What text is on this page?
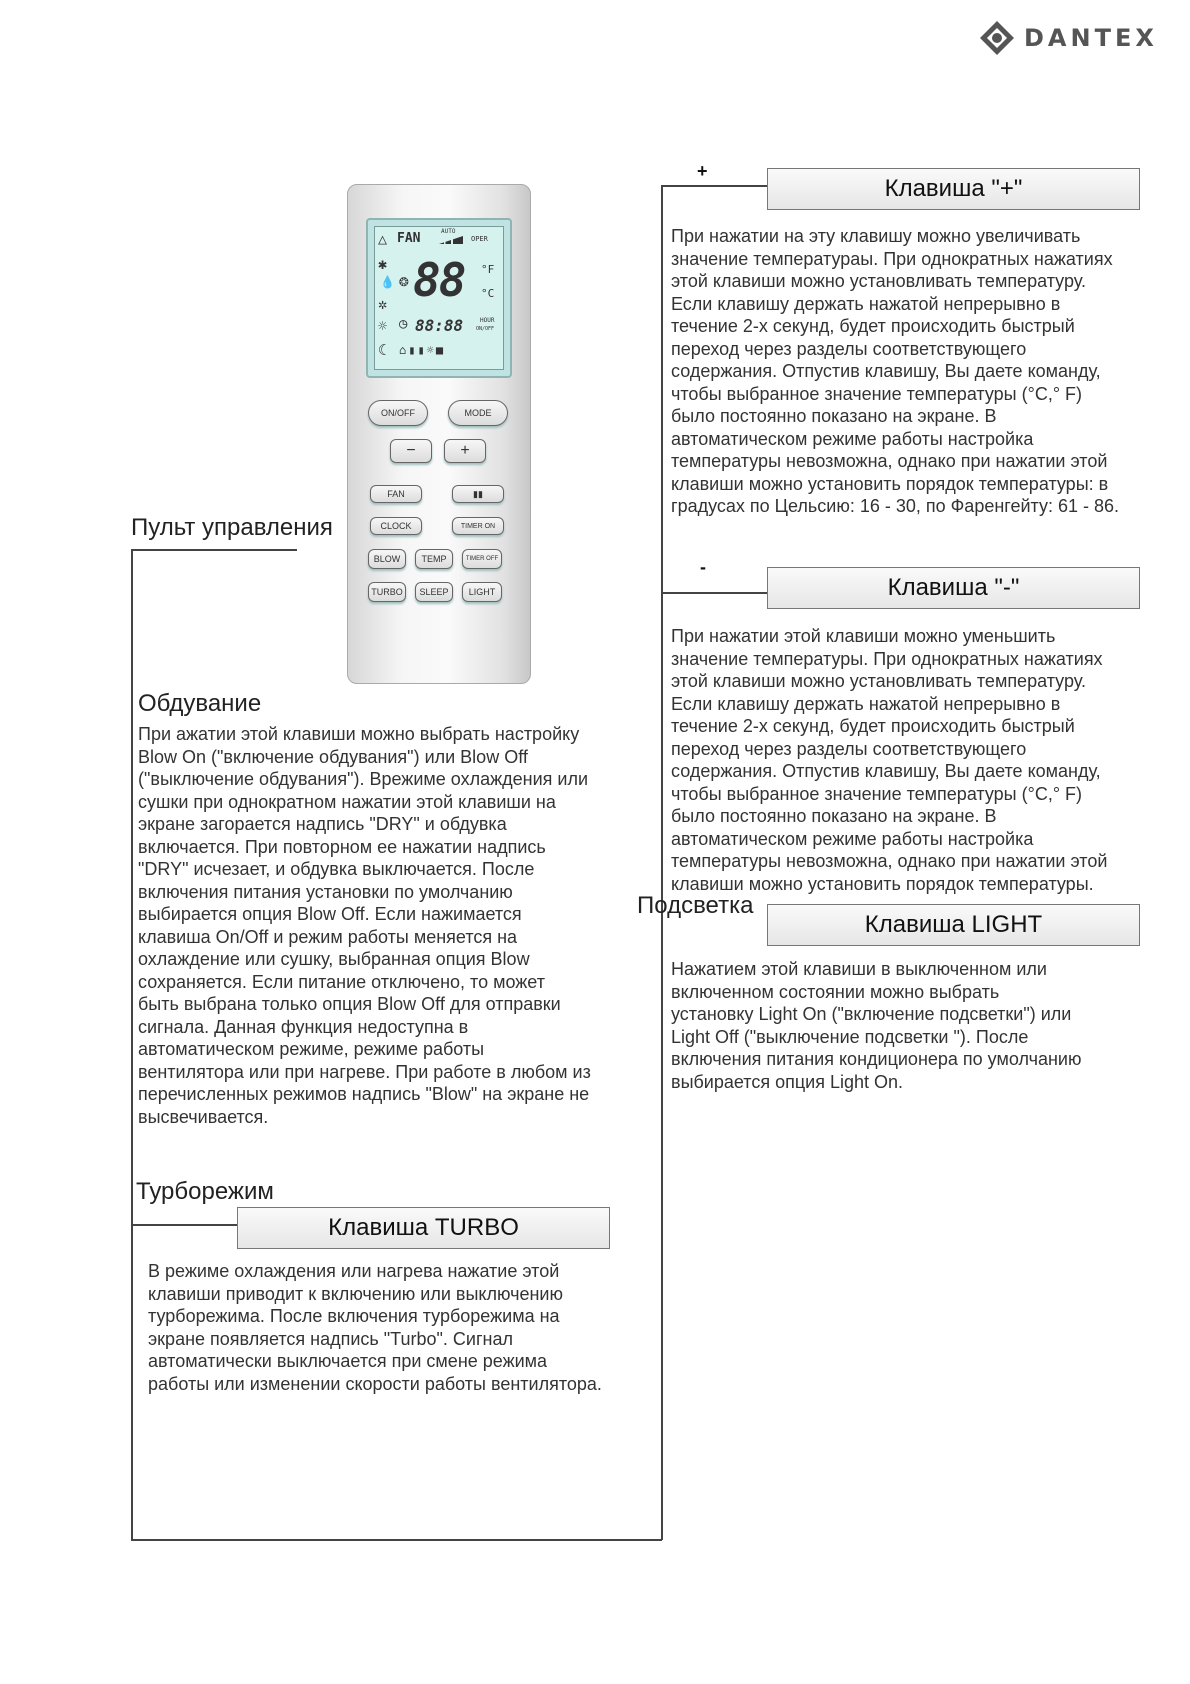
DANTEX
+
Клавиша "+"
При нажатии на эту клавишу можно увеличивать
значение температураы. При однократных нажатиях
этой клавиши можно установливать температуру.
Если клавишу держать нажатой непрерывно в
течение 2-х секунд, будет происходить быстрый
переход через разделы соответствующего
содержания. Отпустив клавишу, Вы даете команду,
чтобы выбранное значение температуры (°C,° F)
было постоянно показано на экране. В
автоматическом режиме работы настройка
температуры невозможна, однако при нажатии этой
клавиши можно установить порядок температуры: в
градусах по Цельсию: 16 - 30, по Фаренгейту: 61 - 86.
-
Клавиша "-"
При нажатии этой клавиши можно уменьшить
значение температуры. При однократных нажатиях
этой клавиши можно установливать температуру.
Если клавишу держать нажатой непрерывно в
течение 2-х секунд, будет происходить быстрый
переход через разделы соответствующего
содержания. Отпустив клавишу, Вы даете команду,
чтобы выбранное значение температуры (°C,° F)
было постоянно показано на экране. В
автоматическом режиме работы настройка
температуры невозможна, однако при нажатии этой
клавиши можно установить порядок температуры.
Подсветка
Клавиша LIGHT
Нажатием этой клавиши в выключенном или
включенном состоянии можно выбрать
установку Light On ("включение подсветки") или
Light Off ("выключение подсветки "). После
включения питания кондиционера по умолчанию
выбирается опция Light On.
Пульт управления
Обдувание
При ажатии этой клавиши можно выбрать настройку
Blow On ("включение обдувания") или Blow Off
("выключение обдувания"). Врежиме охлаждения или
сушки при однократном нажатии этой клавиши на
экране загорается надпись "DRY" и обдувка
включается. При повторном ее нажатии надпись
"DRY" исчезает, и обдувка выключается. После
включения питания установки по умолчанию
выбирается опция Blow Off. Если нажимается
клавиша On/Off и режим работы меняется на
охлаждение или сушку, выбранная опция Blow
сохраняется. Если питание отключено, то может
быть выбрана только опция Blow Off для отправки
сигнала. Данная функция недоступна в
автоматическом режиме, режиме работы
вентилятора или при нагреве. При работе в любом из
перечисленных режимов надпись "Blow" на экране не
высвечивается.
Турборежим
Клавиша TURBO
В режиме охлаждения или нагрева нажатие этой
клавиши приводит к включению или выключению
турборежима. После включения турборежима на
экране появляется надпись "Turbo". Сигнал
автоматически выключается при смене режима
работы или изменении скорости работы вентилятора.
△ FAN	AUTO
OPER
✱
💧
✲
☼
☾
❂ 88 °F
°C
◷ 88:88	HOUR
ON/OFF
⌂▮▮☼■
ON/OFF	MODE
−	+
FAN	▮▮
CLOCK	TIMER ON
BLOW	TEMP	TIMER OFF
TURBO	SLEEP	LIGHT
